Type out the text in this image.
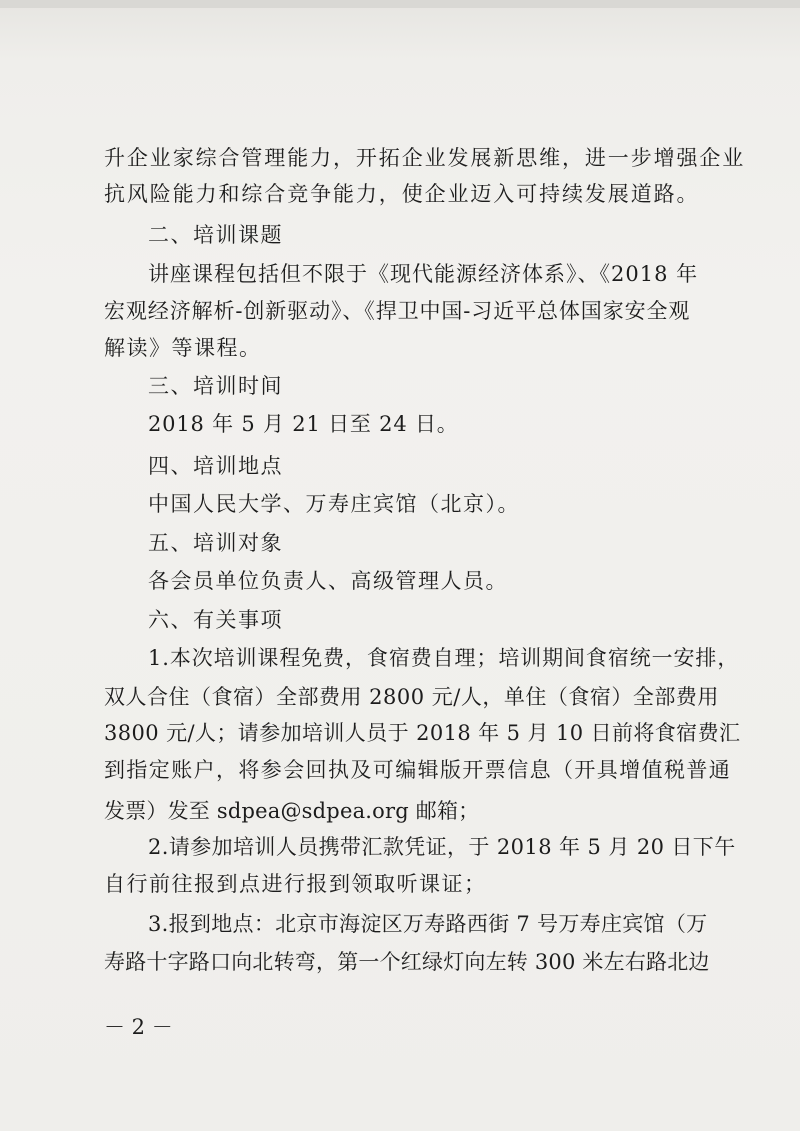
升企业家综合管理能力，开拓企业发展新思维，进一步增强企业
抗风险能力和综合竞争能力，使企业迈入可持续发展道路。
二、培训课题
讲座课程包括但不限于《现代能源经济体系》、《2018 年
宏观经济解析-创新驱动》、《捍卫中国-习近平总体国家安全观
解读》等课程。
三、培训时间
2018 年 5 月 21 日至 24 日。
四、培训地点
中国人民大学、万寿庄宾馆（北京）。
五、培训对象
各会员单位负责人、高级管理人员。
六、有关事项
1.本次培训课程免费，食宿费自理；培训期间食宿统一安排，
双人合住（食宿）全部费用 2800 元/人，单住（食宿）全部费用
3800 元/人；请参加培训人员于 2018 年 5 月 10 日前将食宿费汇
到指定账户，将参会回执及可编辑版开票信息（开具增值税普通
发票）发至 sdpea@sdpea.org 邮箱；
2.请参加培训人员携带汇款凭证，于 2018 年 5 月 20 日下午
自行前往报到点进行报到领取听课证；
3.报到地点：北京市海淀区万寿路西街 7 号万寿庄宾馆（万
寿路十字路口向北转弯，第一个红绿灯向左转 300 米左右路北边
－ 2 －
